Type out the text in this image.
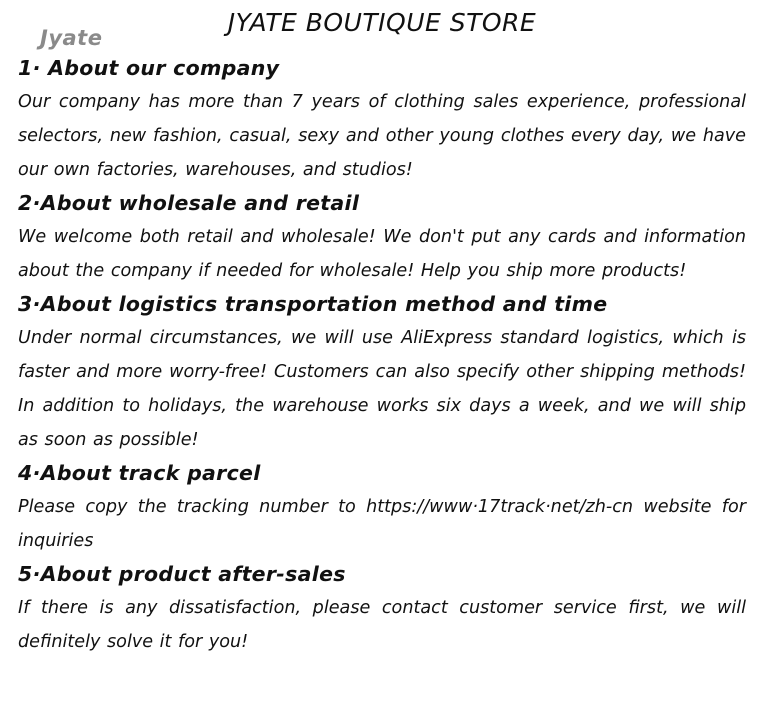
JYATE BOUTIQUE STORE
Jyate
1· About our company
Our company has more than 7 years of clothing sales experience, professional selectors, new fashion, casual, sexy and other young clothes every day, we have our own factories, warehouses, and studios!
2·About wholesale and retail
We welcome both retail and wholesale! We don't put any cards and information about the company if needed for wholesale! Help you ship more products!
3·About logistics transportation method and time
Under normal circumstances, we will use AliExpress standard logistics, which is faster and more worry-free! Customers can also specify other shipping methods! In addition to holidays, the warehouse works six days a week, and we will ship as soon as possible!
4·About track parcel
Please copy the tracking number to https://www·17track·net/zh-cn website for inquiries
5·About product after-sales
If there is any dissatisfaction, please contact customer service first, we will definitely solve it for you!
